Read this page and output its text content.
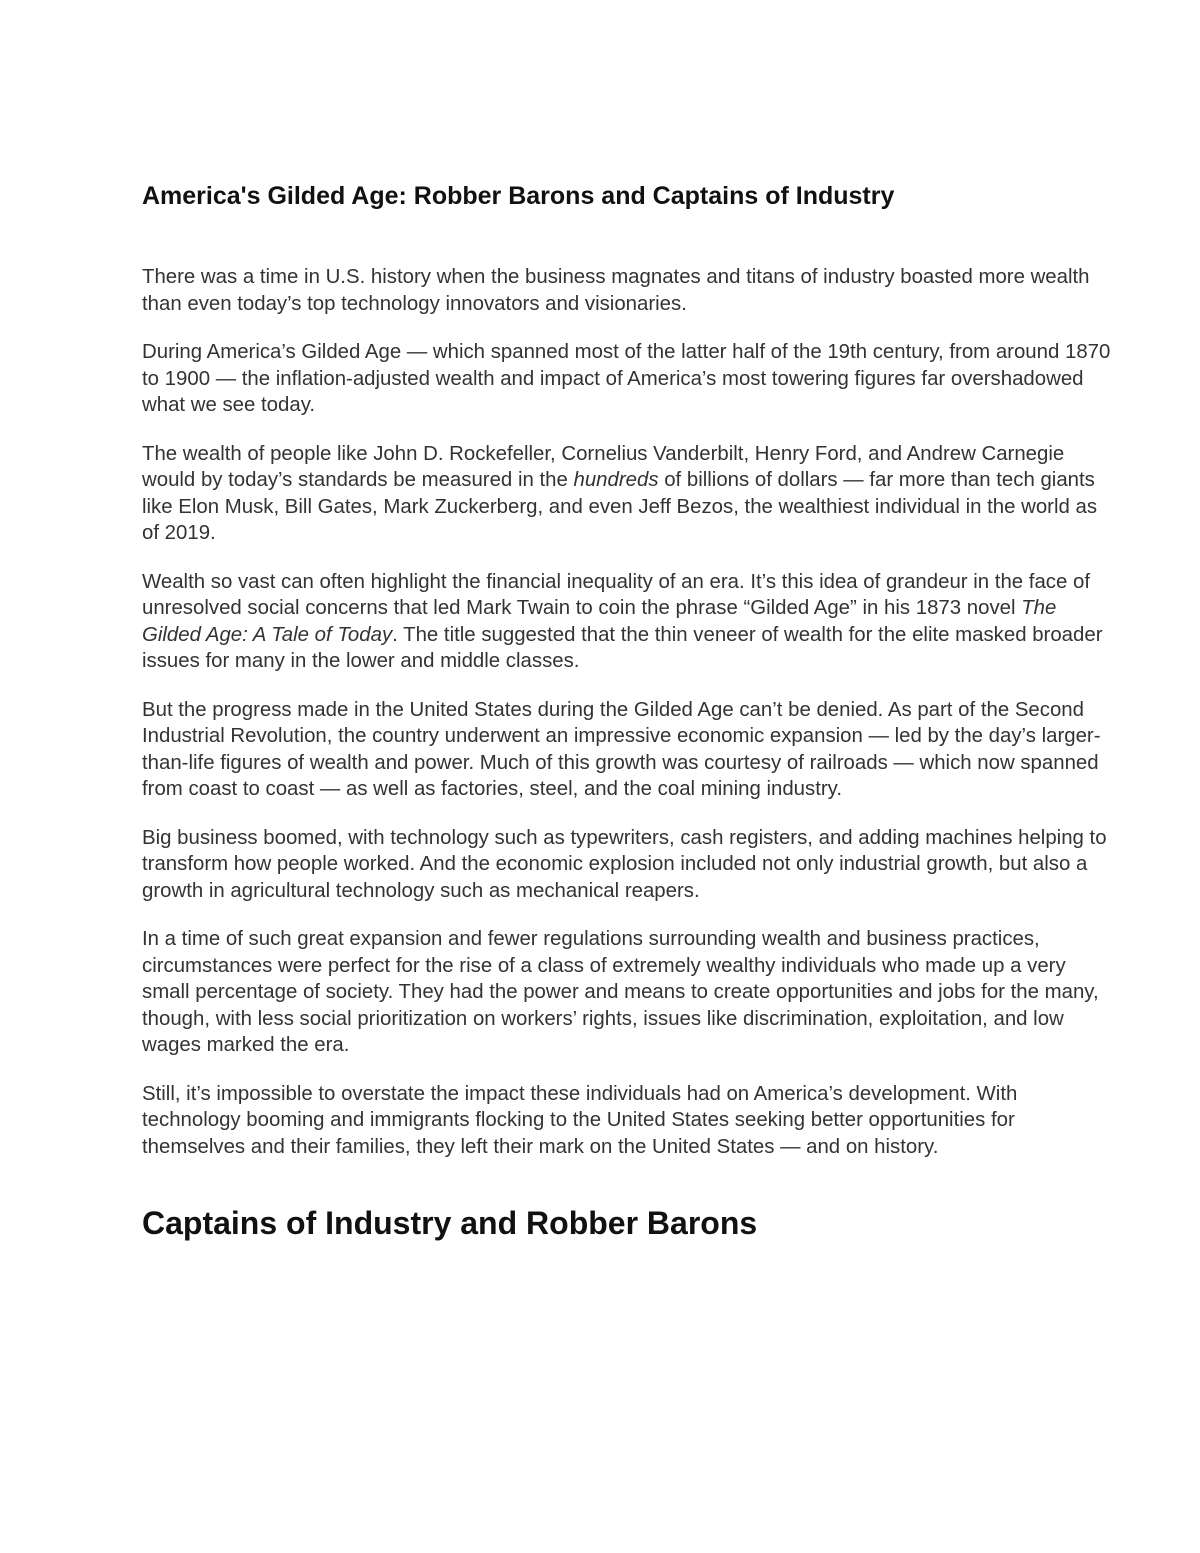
America's Gilded Age: Robber Barons and Captains of Industry

There was a time in U.S. history when the business magnates and titans of industry boasted more wealth than even today’s top technology innovators and visionaries.

During America’s Gilded Age — which spanned most of the latter half of the 19th century, from around 1870 to 1900 — the inflation-adjusted wealth and impact of America’s most towering figures far overshadowed what we see today.

The wealth of people like John D. Rockefeller, Cornelius Vanderbilt, Henry Ford, and Andrew Carnegie would by today’s standards be measured in the hundreds of billions of dollars — far more than tech giants like Elon Musk, Bill Gates, Mark Zuckerberg, and even Jeff Bezos, the wealthiest individual in the world as of 2019.

Wealth so vast can often highlight the financial inequality of an era. It’s this idea of grandeur in the face of unresolved social concerns that led Mark Twain to coin the phrase “Gilded Age” in his 1873 novel The Gilded Age: A Tale of Today. The title suggested that the thin veneer of wealth for the elite masked broader issues for many in the lower and middle classes.

But the progress made in the United States during the Gilded Age can’t be denied. As part of the Second Industrial Revolution, the country underwent an impressive economic expansion — led by the day’s larger-than-life figures of wealth and power. Much of this growth was courtesy of railroads — which now spanned from coast to coast — as well as factories, steel, and the coal mining industry.

Big business boomed, with technology such as typewriters, cash registers, and adding machines helping to transform how people worked. And the economic explosion included not only industrial growth, but also a growth in agricultural technology such as mechanical reapers.

In a time of such great expansion and fewer regulations surrounding wealth and business practices, circumstances were perfect for the rise of a class of extremely wealthy individuals who made up a very small percentage of society. They had the power and means to create opportunities and jobs for the many, though, with less social prioritization on workers’ rights, issues like discrimination, exploitation, and low wages marked the era.

Still, it’s impossible to overstate the impact these individuals had on America’s development. With technology booming and immigrants flocking to the United States seeking better opportunities for themselves and their families, they left their mark on the United States — and on history.

Captains of Industry and Robber Barons
